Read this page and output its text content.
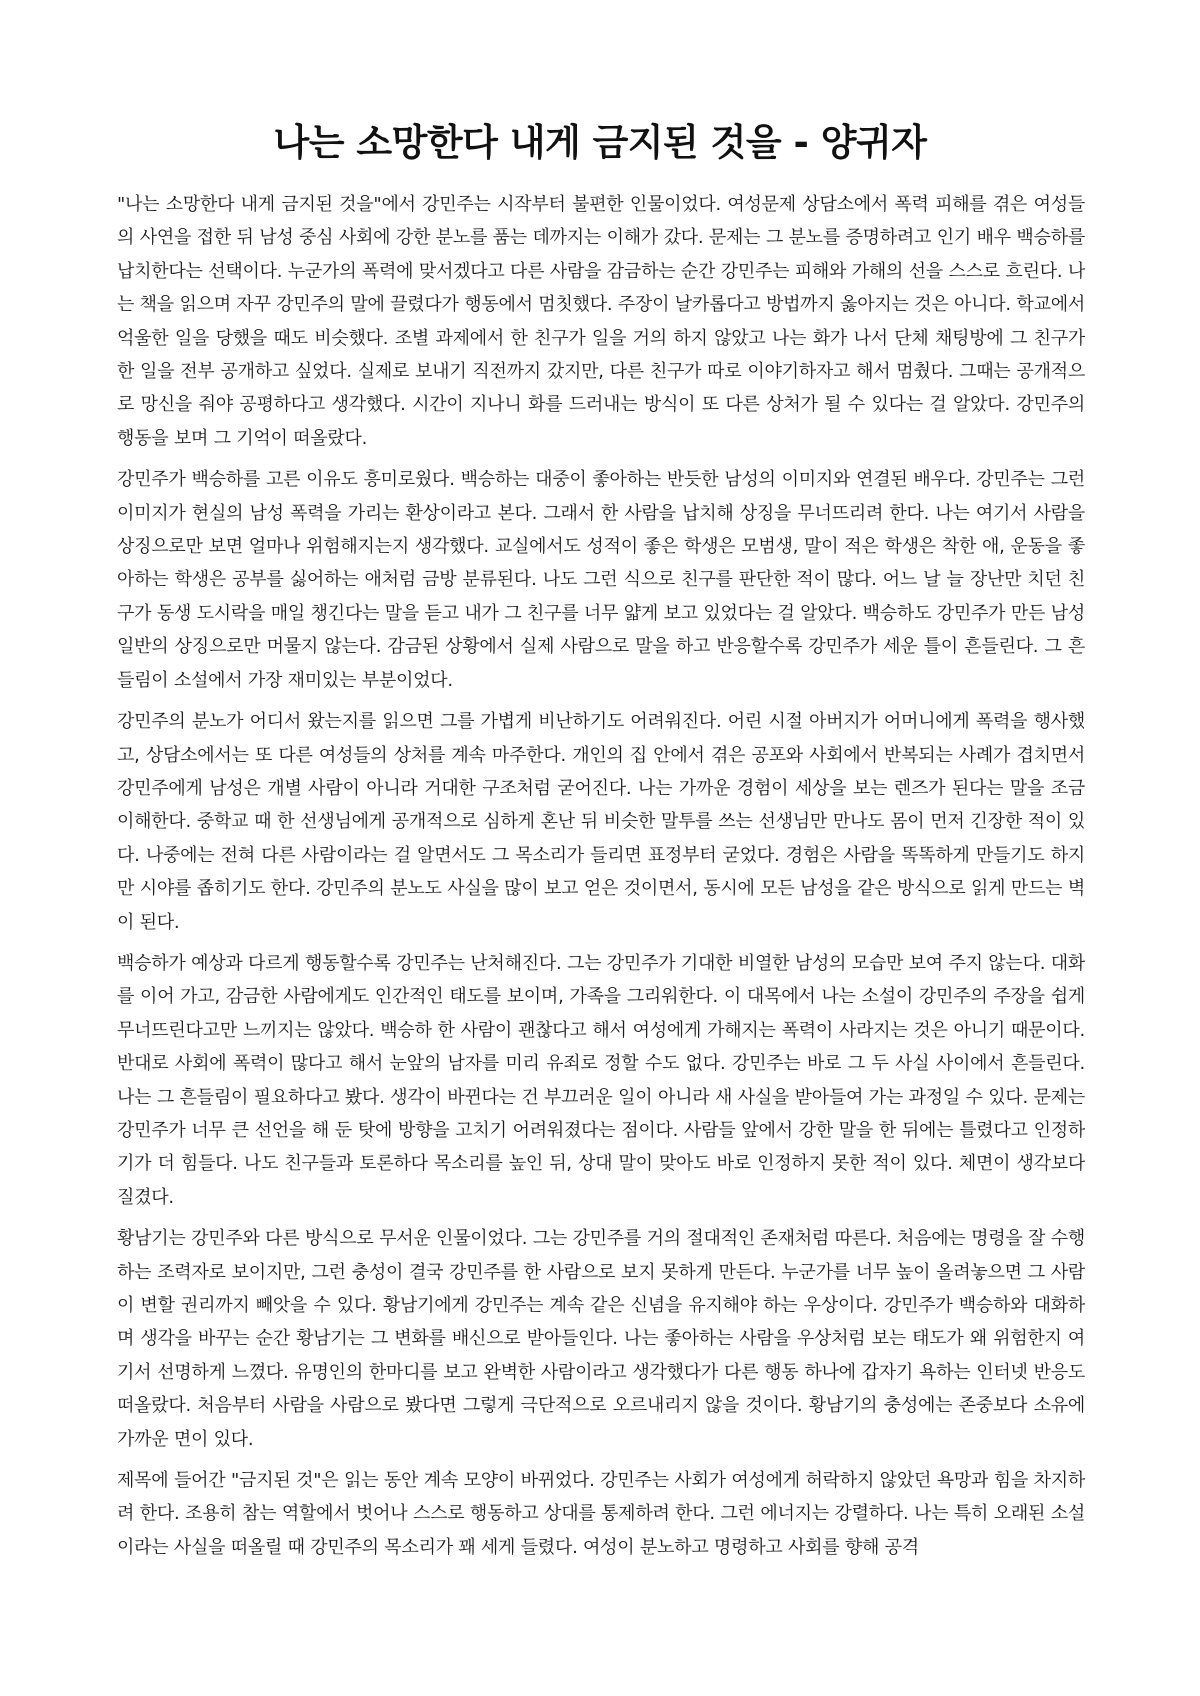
나는 소망한다 내게 금지된 것을 - 양귀자

"나는 소망한다 내게 금지된 것을"에서 강민주는 시작부터 불편한 인물이었다. 여성문제 상담소에서 폭력 피해를 겪은 여성들의 사연을 접한 뒤 남성 중심 사회에 강한 분노를 품는 데까지는 이해가 갔다. 문제는 그 분노를 증명하려고 인기 배우 백승하를 납치한다는 선택이다. 누군가의 폭력에 맞서겠다고 다른 사람을 감금하는 순간 강민주는 피해와 가해의 선을 스스로 흐린다. 나는 책을 읽으며 자꾸 강민주의 말에 끌렸다가 행동에서 멈칫했다. 주장이 날카롭다고 방법까지 옳아지는 것은 아니다. 학교에서 억울한 일을 당했을 때도 비슷했다. 조별 과제에서 한 친구가 일을 거의 하지 않았고 나는 화가 나서 단체 채팅방에 그 친구가 한 일을 전부 공개하고 싶었다. 실제로 보내기 직전까지 갔지만, 다른 친구가 따로 이야기하자고 해서 멈췄다. 그때는 공개적으로 망신을 줘야 공평하다고 생각했다. 시간이 지나니 화를 드러내는 방식이 또 다른 상처가 될 수 있다는 걸 알았다. 강민주의 행동을 보며 그 기억이 떠올랐다.

강민주가 백승하를 고른 이유도 흥미로웠다. 백승하는 대중이 좋아하는 반듯한 남성의 이미지와 연결된 배우다. 강민주는 그런 이미지가 현실의 남성 폭력을 가리는 환상이라고 본다. 그래서 한 사람을 납치해 상징을 무너뜨리려 한다. 나는 여기서 사람을 상징으로만 보면 얼마나 위험해지는지 생각했다. 교실에서도 성적이 좋은 학생은 모범생, 말이 적은 학생은 착한 애, 운동을 좋아하는 학생은 공부를 싫어하는 애처럼 금방 분류된다. 나도 그런 식으로 친구를 판단한 적이 많다. 어느 날 늘 장난만 치던 친구가 동생 도시락을 매일 챙긴다는 말을 듣고 내가 그 친구를 너무 얇게 보고 있었다는 걸 알았다. 백승하도 강민주가 만든 남성 일반의 상징으로만 머물지 않는다. 감금된 상황에서 실제 사람으로 말을 하고 반응할수록 강민주가 세운 틀이 흔들린다. 그 흔들림이 소설에서 가장 재미있는 부분이었다.

강민주의 분노가 어디서 왔는지를 읽으면 그를 가볍게 비난하기도 어려워진다. 어린 시절 아버지가 어머니에게 폭력을 행사했고, 상담소에서는 또 다른 여성들의 상처를 계속 마주한다. 개인의 집 안에서 겪은 공포와 사회에서 반복되는 사례가 겹치면서 강민주에게 남성은 개별 사람이 아니라 거대한 구조처럼 굳어진다. 나는 가까운 경험이 세상을 보는 렌즈가 된다는 말을 조금 이해한다. 중학교 때 한 선생님에게 공개적으로 심하게 혼난 뒤 비슷한 말투를 쓰는 선생님만 만나도 몸이 먼저 긴장한 적이 있다. 나중에는 전혀 다른 사람이라는 걸 알면서도 그 목소리가 들리면 표정부터 굳었다. 경험은 사람을 똑똑하게 만들기도 하지만 시야를 좁히기도 한다. 강민주의 분노도 사실을 많이 보고 얻은 것이면서, 동시에 모든 남성을 같은 방식으로 읽게 만드는 벽이 된다.

백승하가 예상과 다르게 행동할수록 강민주는 난처해진다. 그는 강민주가 기대한 비열한 남성의 모습만 보여 주지 않는다. 대화를 이어 가고, 감금한 사람에게도 인간적인 태도를 보이며, 가족을 그리워한다. 이 대목에서 나는 소설이 강민주의 주장을 쉽게 무너뜨린다고만 느끼지는 않았다. 백승하 한 사람이 괜찮다고 해서 여성에게 가해지는 폭력이 사라지는 것은 아니기 때문이다. 반대로 사회에 폭력이 많다고 해서 눈앞의 남자를 미리 유죄로 정할 수도 없다. 강민주는 바로 그 두 사실 사이에서 흔들린다. 나는 그 흔들림이 필요하다고 봤다. 생각이 바뀐다는 건 부끄러운 일이 아니라 새 사실을 받아들여 가는 과정일 수 있다. 문제는 강민주가 너무 큰 선언을 해 둔 탓에 방향을 고치기 어려워졌다는 점이다. 사람들 앞에서 강한 말을 한 뒤에는 틀렸다고 인정하기가 더 힘들다. 나도 친구들과 토론하다 목소리를 높인 뒤, 상대 말이 맞아도 바로 인정하지 못한 적이 있다. 체면이 생각보다 질겼다.

황남기는 강민주와 다른 방식으로 무서운 인물이었다. 그는 강민주를 거의 절대적인 존재처럼 따른다. 처음에는 명령을 잘 수행하는 조력자로 보이지만, 그런 충성이 결국 강민주를 한 사람으로 보지 못하게 만든다. 누군가를 너무 높이 올려놓으면 그 사람이 변할 권리까지 빼앗을 수 있다. 황남기에게 강민주는 계속 같은 신념을 유지해야 하는 우상이다. 강민주가 백승하와 대화하며 생각을 바꾸는 순간 황남기는 그 변화를 배신으로 받아들인다. 나는 좋아하는 사람을 우상처럼 보는 태도가 왜 위험한지 여기서 선명하게 느꼈다. 유명인의 한마디를 보고 완벽한 사람이라고 생각했다가 다른 행동 하나에 갑자기 욕하는 인터넷 반응도 떠올랐다. 처음부터 사람을 사람으로 봤다면 그렇게 극단적으로 오르내리지 않을 것이다. 황남기의 충성에는 존중보다 소유에 가까운 면이 있다.

제목에 들어간 "금지된 것"은 읽는 동안 계속 모양이 바뀌었다. 강민주는 사회가 여성에게 허락하지 않았던 욕망과 힘을 차지하려 한다. 조용히 참는 역할에서 벗어나 스스로 행동하고 상대를 통제하려 한다. 그런 에너지는 강렬하다. 나는 특히 오래된 소설이라는 사실을 떠올릴 때 강민주의 목소리가 꽤 세게 들렸다. 여성이 분노하고 명령하고 사회를 향해 공격
